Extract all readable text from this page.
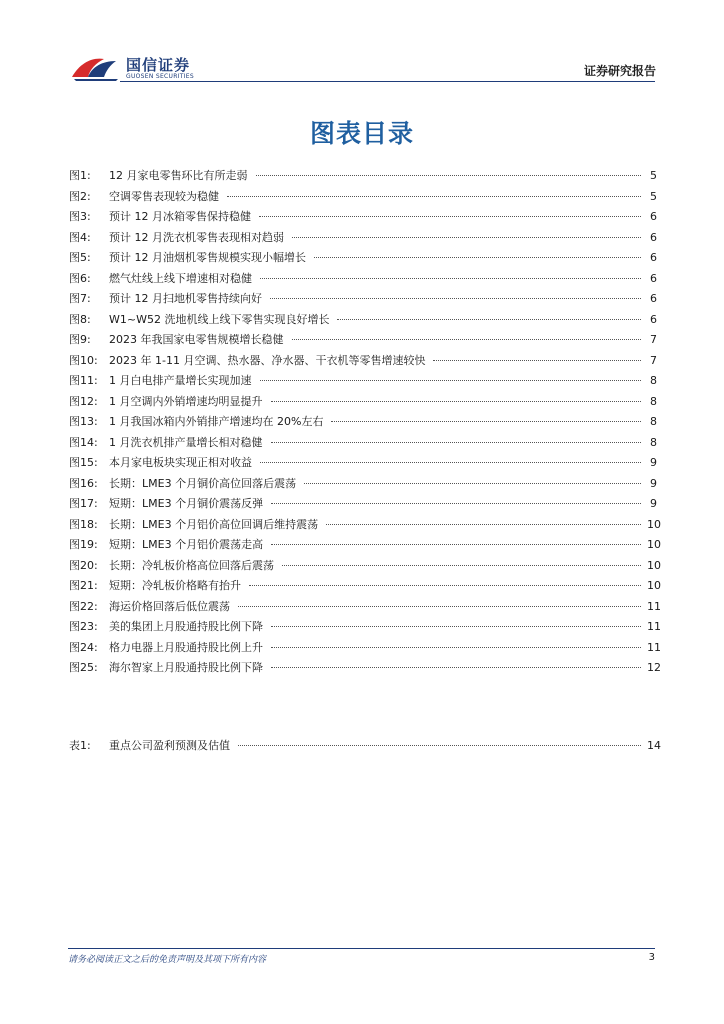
国信证券
GUOSEN SECURITIES	证券研究报告
图表目录
图1:	12 月家电零售环比有所走弱	5
图2:	空调零售表现较为稳健	5
图3:	预计 12 月冰箱零售保持稳健	6
图4:	预计 12 月洗衣机零售表现相对趋弱	6
图5:	预计 12 月油烟机零售规模实现小幅增长	6
图6:	燃气灶线上线下增速相对稳健	6
图7:	预计 12 月扫地机零售持续向好	6
图8:	W1~W52 洗地机线上线下零售实现良好增长	6
图9:	2023 年我国家电零售规模增长稳健	7
图10:	2023 年 1-11 月空调、热水器、净水器、干衣机等零售增速较快	7
图11:	1 月白电排产量增长实现加速	8
图12:	1 月空调内外销增速均明显提升	8
图13:	1 月我国冰箱内外销排产增速均在 20%左右	8
图14:	1 月洗衣机排产量增长相对稳健	8
图15:	本月家电板块实现正相对收益	9
图16:	长期：LME3 个月铜价高位回落后震荡	9
图17:	短期：LME3 个月铜价震荡反弹	9
图18:	长期：LME3 个月铝价高位回调后维持震荡	10
图19:	短期：LME3 个月铝价震荡走高	10
图20:	长期：冷轧板价格高位回落后震荡	10
图21:	短期：冷轧板价格略有抬升	10
图22:	海运价格回落后低位震荡	11
图23:	美的集团上月股通持股比例下降	11
图24:	格力电器上月股通持股比例上升	11
图25:	海尔智家上月股通持股比例下降	12
表1:	重点公司盈利预测及估值	14
请务必阅读正文之后的免责声明及其项下所有内容	3
